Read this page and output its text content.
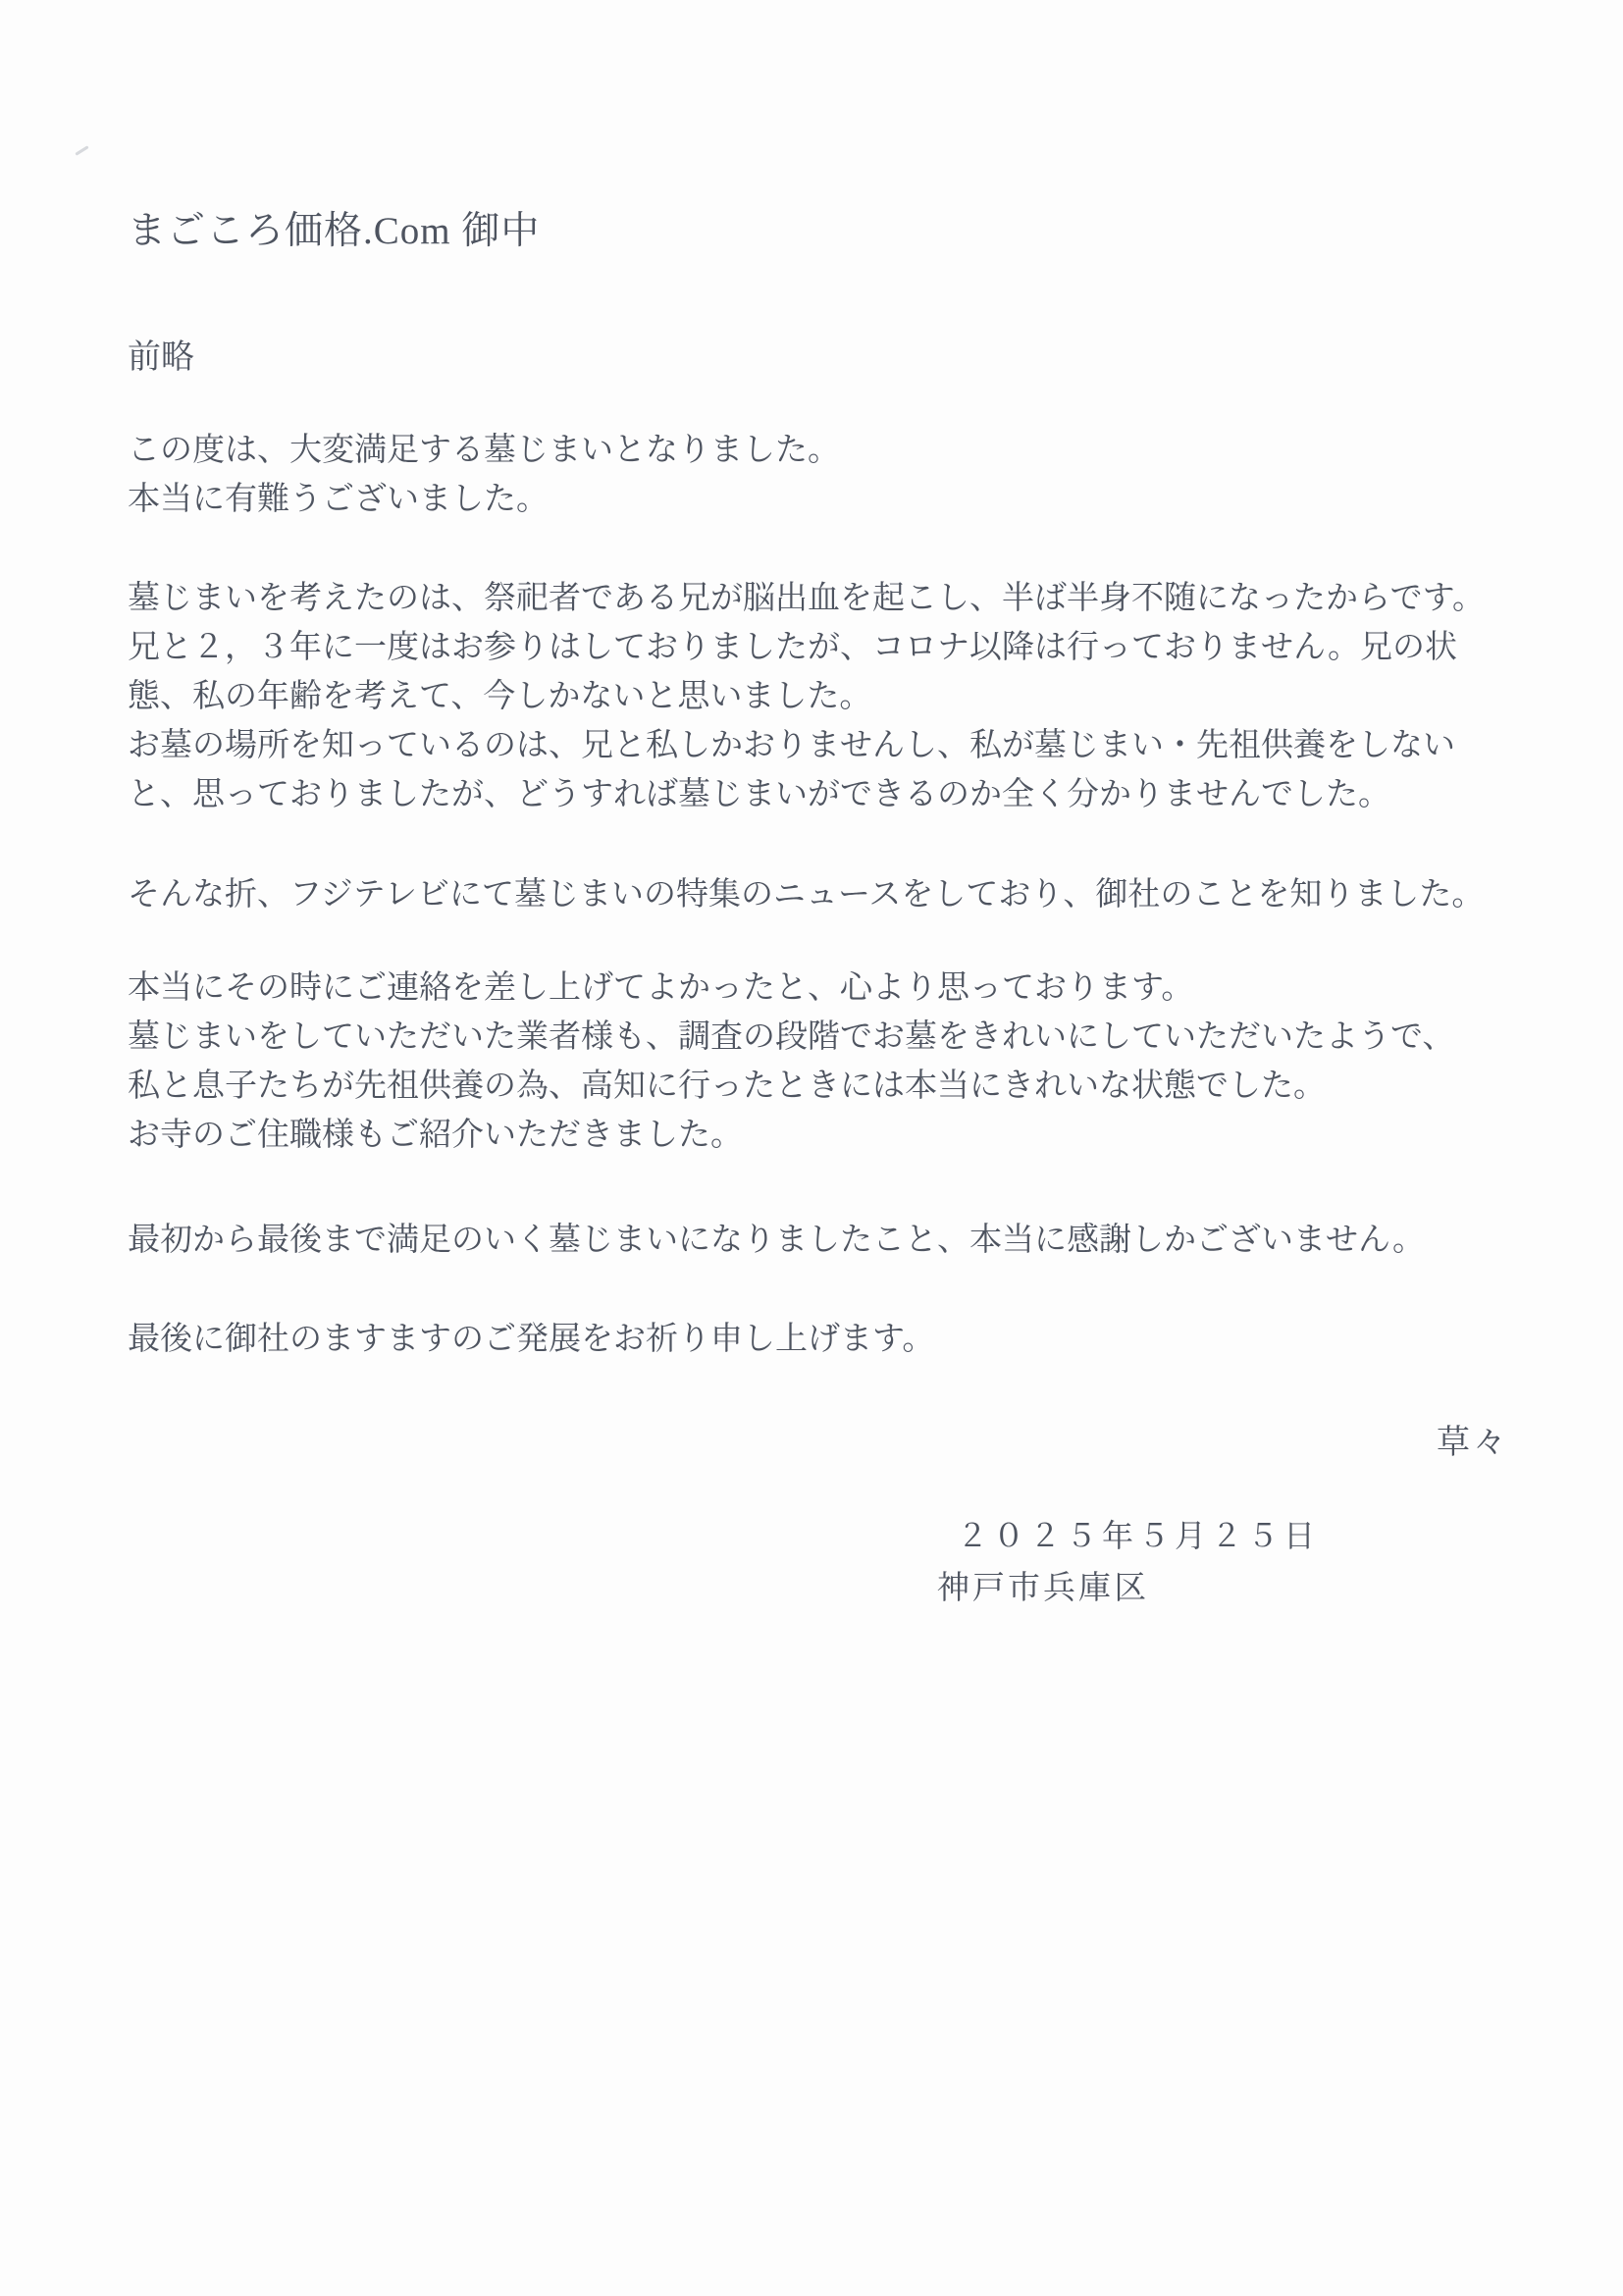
まごころ価格.Com 御中
前略
この度は、大変満足する墓じまいとなりました。
本当に有難うございました。
墓じまいを考えたのは、祭祀者である兄が脳出血を起こし、半ば半身不随になったからです。
兄と２，３年に一度はお参りはしておりましたが、コロナ以降は行っておりません。兄の状
態、私の年齢を考えて、今しかないと思いました。
お墓の場所を知っているのは、兄と私しかおりませんし、私が墓じまい・先祖供養をしない
と、思っておりましたが、どうすれば墓じまいができるのか全く分かりませんでした。
そんな折、フジテレビにて墓じまいの特集のニュースをしており、御社のことを知りました。
本当にその時にご連絡を差し上げてよかったと、心より思っております。
墓じまいをしていただいた業者様も、調査の段階でお墓をきれいにしていただいたようで、
私と息子たちが先祖供養の為、高知に行ったときには本当にきれいな状態でした。
お寺のご住職様もご紹介いただきました。
最初から最後まで満足のいく墓じまいになりましたこと、本当に感謝しかございません。
最後に御社のますますのご発展をお祈り申し上げます。
草々
２０２５年５月２５日
神戸市兵庫区
